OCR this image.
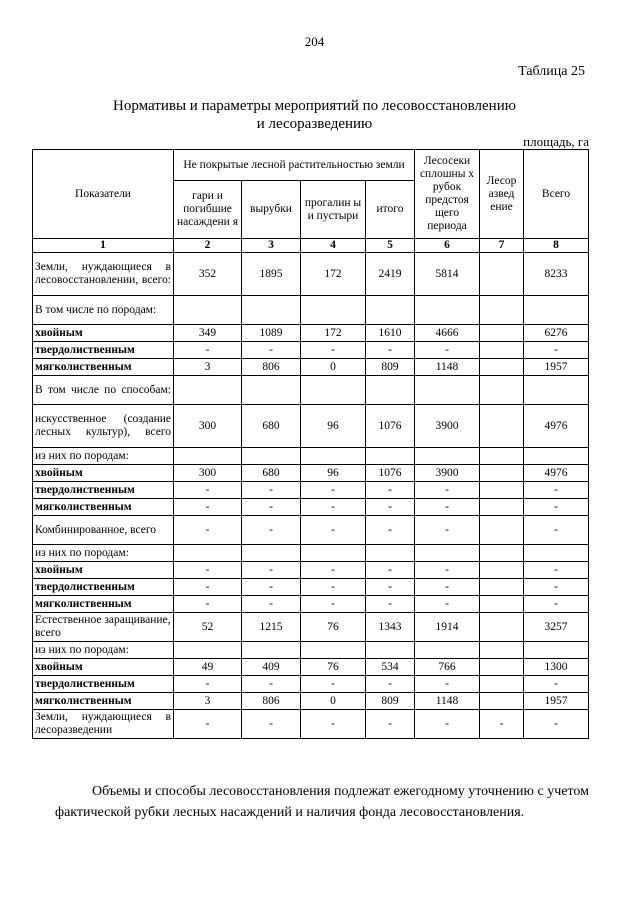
204
Таблица 25
Нормативы и параметры мероприятий по лесовосстановлению
и лесоразведению
площадь, га
Показатели	Не покрытые лесной растительностью земли				Лесосеки сплошны х рубок предстоя щего периода	Лесор азвед ение	Всего
	гари и погибшие насаждени я	вырубки	прогалин ы и пустыри	итого			
1	2	3	4	5	6	7	8
Земли, нуждающиеся в лесовосстановлении, всего:	352	1895	172	2419	5814		8233
В том числе по породам:							
хвойным	349	1089	172	1610	4666		6276
твердолиственным	-	-	-	-	-		-
мягколиственным	3	806	0	809	1148		1957
В том числе по способам:							
искусственное (создание лесных культур), всего	300	680	96	1076	3900		4976
из них по породам:							
хвойным	300	680	96	1076	3900		4976
твердолиственным	-	-	-	-	-		-
мягколиственным	-	-	-	-	-		-
Комбинированное, всего	-	-	-	-	-		-
из них по породам:							
хвойным	-	-	-	-	-		-
твердолиственным	-	-	-	-	-		-
мягколиственным	-	-	-	-	-		-
Естественное заращивание, всего	52	1215	76	1343	1914		3257
из них по породам:							
хвойным	49	409	76	534	766		1300
твердолиственным	-	-	-	-	-		-
мягколиственным	3	806	0	809	1148		1957
Земли, нуждающиеся в лесоразведении	-	-	-	-	-	-	-

Объемы и способы лесовосстановления подлежат ежегодному уточнению с учетом фактической рубки лесных насаждений и наличия фонда лесовосстановления.
